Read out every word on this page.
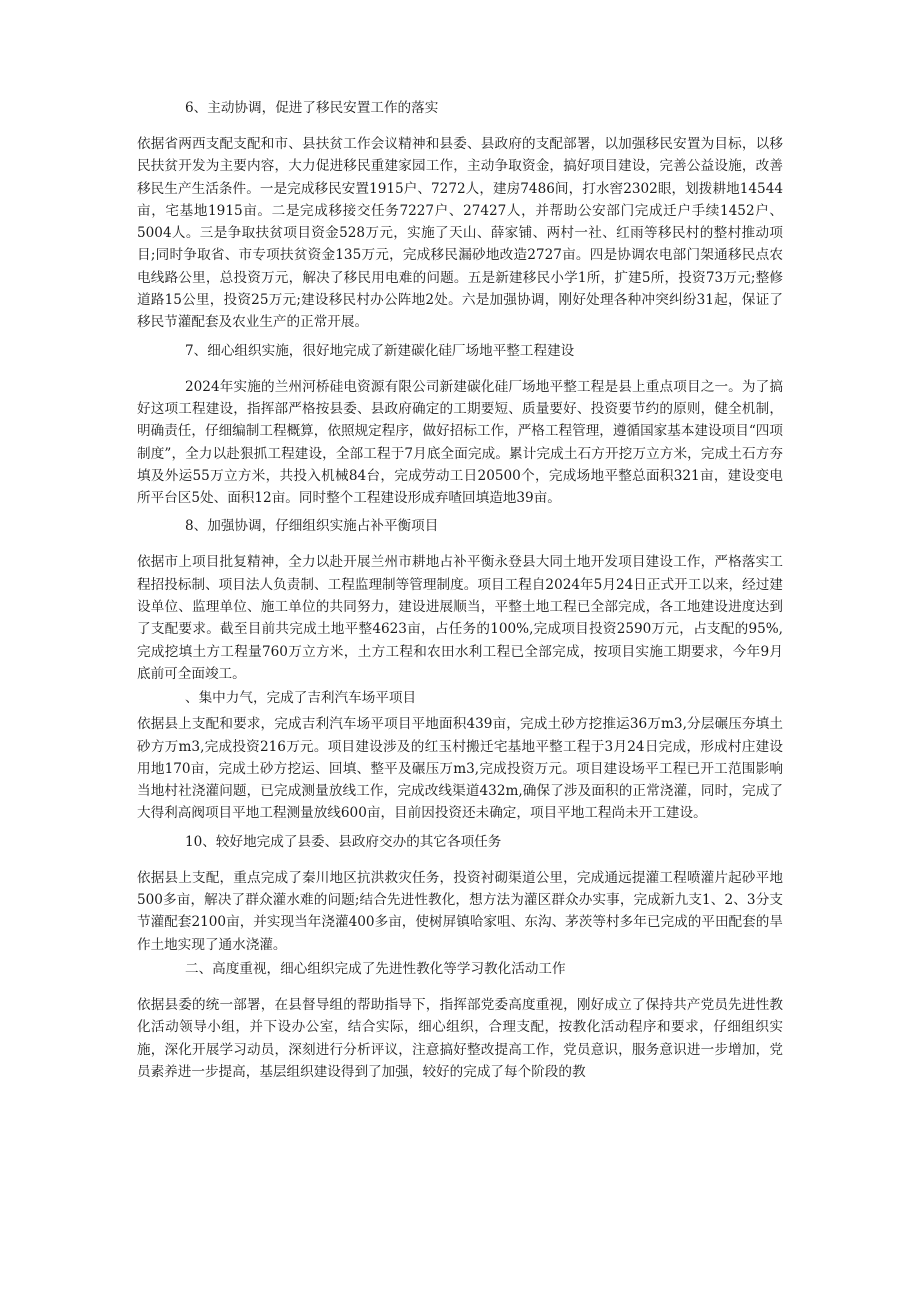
6、主动协调，促进了移民安置工作的落实

依据省两西支配支配和市、县扶贫工作会议精神和县委、县政府的支配部署，以加强移民安置为目标，以移民扶贫开发为主要内容，大力促进移民重建家园工作，主动争取资金，搞好项目建设，完善公益设施，改善移民生产生活条件。一是完成移民安置1915户、7272人，建房7486间，打水窖2302眼，划拨耕地14544亩，宅基地1915亩。二是完成移接交任务7227户、27427人，并帮助公安部门完成迁户手续1452户、5004人。三是争取扶贫项目资金528万元，实施了天山、薛家铺、两村一社、红雨等移民村的整村推动项目;同时争取省、市专项扶贫资金135万元，完成移民漏砂地改造2727亩。四是协调农电部门架通移民点农电线路公里，总投资万元，解决了移民用电难的问题。五是新建移民小学1所，扩建5所，投资73万元;整修道路15公里，投资25万元;建设移民村办公阵地2处。六是加强协调，刚好处理各种冲突纠纷31起，保证了移民节灌配套及农业生产的正常开展。

7、细心组织实施，很好地完成了新建碳化硅厂场地平整工程建设

2024年实施的兰州河桥硅电资源有限公司新建碳化硅厂场地平整工程是县上重点项目之一。为了搞好这项工程建设，指挥部严格按县委、县政府确定的工期要短、质量要好、投资要节约的原则，健全机制，明确责任，仔细编制工程概算，依照规定程序，做好招标工作，严格工程管理，遵循国家基本建设项目“四项制度”，全力以赴狠抓工程建设，全部工程于7月底全面完成。累计完成土石方开挖万立方米，完成土石方夯填及外运55万立方米，共投入机械84台，完成劳动工日20500个，完成场地平整总面积321亩，建设变电所平台区5处、面积12亩。同时整个工程建设形成弃喳回填造地39亩。

8、加强协调，仔细组织实施占补平衡项目

依据市上项目批复精神，全力以赴开展兰州市耕地占补平衡永登县大同土地开发项目建设工作，严格落实工程招投标制、项目法人负责制、工程监理制等管理制度。项目工程自2024年5月24日正式开工以来，经过建设单位、监理单位、施工单位的共同努力，建设进展顺当，平整土地工程已全部完成，各工地建设进度达到了支配要求。截至目前共完成土地平整4623亩，占任务的100%,完成项目投资2590万元，占支配的95%,完成挖填土方工程量760万立方米，土方工程和农田水利工程已全部完成，按项目实施工期要求，今年9月底前可全面竣工。

、集中力气，完成了吉利汽车场平项目

依据县上支配和要求，完成吉利汽车场平项目平地面积439亩，完成土砂方挖推运36万m3,分层碾压夯填土砂方万m3,完成投资216万元。项目建设涉及的红玉村搬迁宅基地平整工程于3月24日完成，形成村庄建设用地170亩，完成土砂方挖运、回填、整平及碾压万m3,完成投资万元。项目建设场平工程已开工范围影响当地村社浇灌问题，已完成测量放线工作，完成改线渠道432m,确保了涉及面积的正常浇灌，同时，完成了大得利高阀项目平地工程测量放线600亩，目前因投资还未确定，项目平地工程尚未开工建设。

10、较好地完成了县委、县政府交办的其它各项任务

依据县上支配，重点完成了秦川地区抗洪救灾任务，投资衬砌渠道公里，完成通远提灌工程喷灌片起砂平地500多亩，解决了群众灌水难的问题;结合先进性教化，想方法为灌区群众办实事，完成新九支1、2、3分支节灌配套2100亩，并实现当年浇灌400多亩，使树屏镇哈家咀、东沟、茅茨等村多年已完成的平田配套的旱作土地实现了通水浇灌。

二、高度重视，细心组织完成了先进性教化等学习教化活动工作

依据县委的统一部署，在县督导组的帮助指导下，指挥部党委高度重视，刚好成立了保持共产党员先进性教化活动领导小组，并下设办公室，结合实际，细心组织，合理支配，按教化活动程序和要求，仔细组织实施，深化开展学习动员，深刻进行分析评议，注意搞好整改提高工作，党员意识，服务意识进一步增加，党员素养进一步提高，基层组织建设得到了加强，较好的完成了每个阶段的教
